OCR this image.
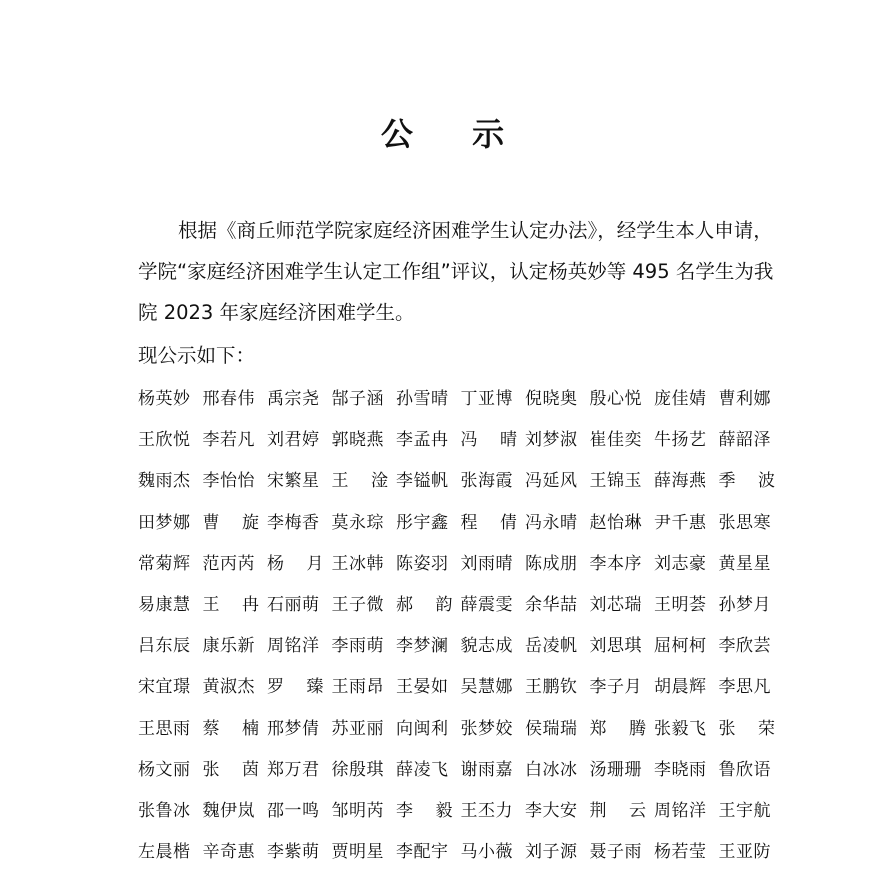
公 示

根据《商丘师范学院家庭经济困难学生认定办法》，经学生本人申请，学院“家庭经济困难学生认定工作组”评议，认定杨英妙等 495 名学生为我院 2023 年家庭经济困难学生。

现公示如下：
杨英妙 邢春伟 禹宗尧 郜子涵 孙雪晴 丁亚博 倪晓奥 殷心悦 庞佳婧 曹利娜
王欣悦 李若凡 刘君婷 郭晓燕 李孟冉 冯 晴 刘梦淑 崔佳奕 牛扬艺 薛韶泽
魏雨杰 李怡怡 宋繁星 王 淦 李镒帆 张海霞 冯延风 王锦玉 薛海燕 季 波
田梦娜 曹 旋 李梅香 莫永琮 彤宇鑫 程 倩 冯永晴 赵怡琳 尹千惠 张思寒
常菊辉 范丙芮 杨 月 王冰韩 陈姿羽 刘雨晴 陈成朋 李本序 刘志豪 黄星星
易康慧 王 冉 石丽萌 王子微 郝 韵 薛震雯 余华喆 刘芯瑞 王明荟 孙梦月
吕东辰 康乐新 周铭洋 李雨萌 李梦澜 貌志成 岳凌帆 刘思琪 屈柯柯 李欣芸
宋宜璟 黄淑杰 罗 臻 王雨昂 王晏如 吴慧娜 王鹏钦 李子月 胡晨辉 李思凡
王思雨 蔡 楠 邢梦倩 苏亚丽 向闽利 张梦姣 侯瑞瑞 郑 腾 张毅飞 张 荣
杨文丽 张 茵 郑万君 徐殷琪 薛凌飞 谢雨嘉 白冰冰 汤珊珊 李晓雨 鲁欣语
张鲁冰 魏伊岚 邵一鸣 邹明芮 李 毅 王丕力 李大安 荆 云 周铭洋 王宇航
左晨楷 辛奇惠 李紫萌 贾明星 李配宇 马小薇 刘子源 聂子雨 杨若莹 王亚防
